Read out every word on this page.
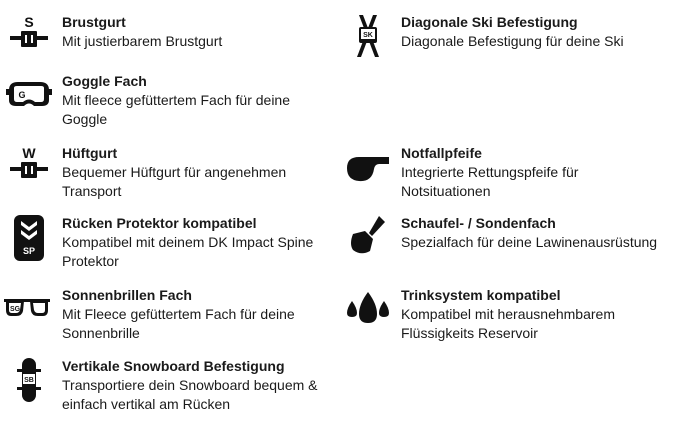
S Brustgurt
Mit justierbarem Brustgurt
G
Goggle Fach
Mit fleece gefüttertem Fach für deine Goggle
W Hüftgurt
Bequemer Hüftgurt für angenehmen Transport
SP
Rücken Protektor kompatibel
Kompatibel mit deinem DK Impact Spine Protektor
SG
Sonnenbrillen Fach
Mit Fleece gefüttertem Fach für deine Sonnenbrille
SB
Vertikale Snowboard Befestigung
Transportiere dein Snowboard bequem & einfach vertikal am Rücken
SK
Diagonale Ski Befestigung
Diagonale Befestigung für deine Ski
Notfallpfeife
Integrierte Rettungspfeife für Notsituationen
Schaufel- / Sondenfach
Spezialfach für deine Lawinenausrüstung
Trinksystem kompatibel
Kompatibel mit herausnehmbarem Flüssigkeits Reservoir
